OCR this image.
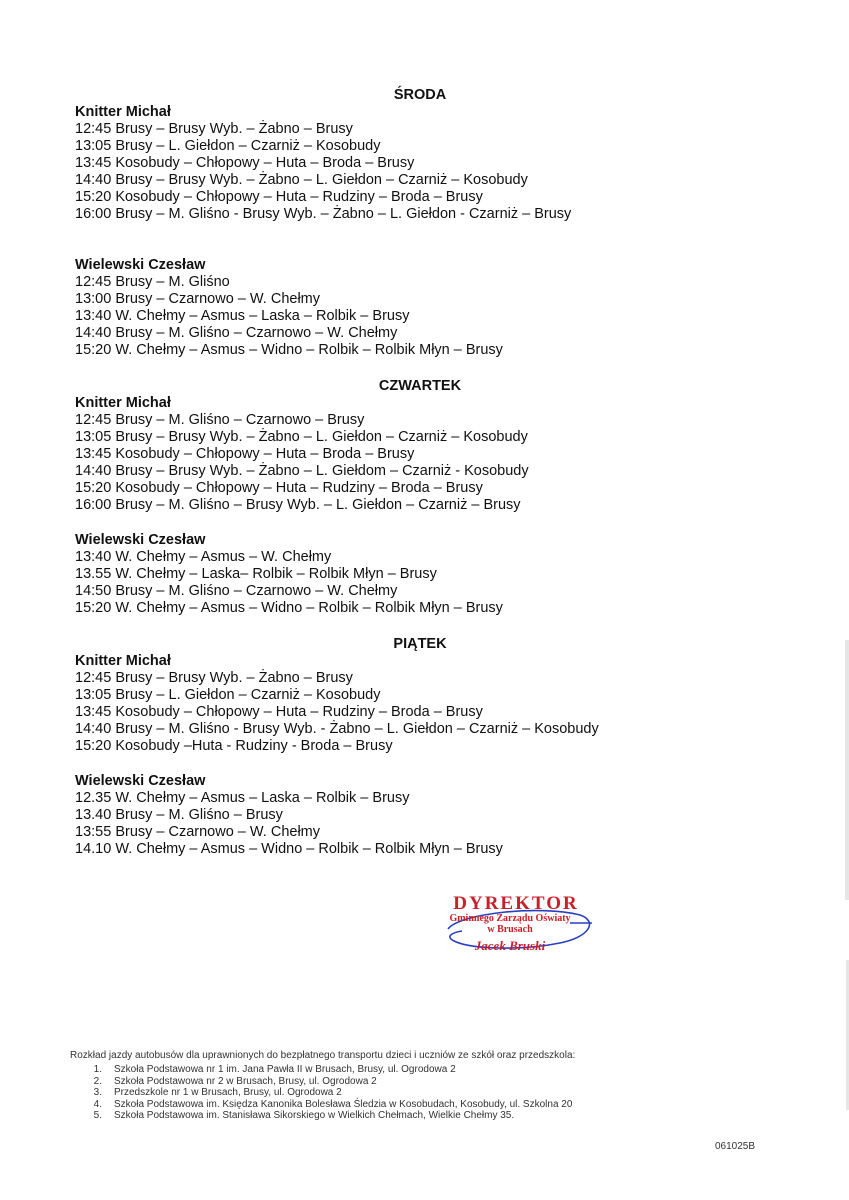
ŚRODA
Knitter Michał
12:45 Brusy – Brusy Wyb. – Żabno – Brusy
13:05 Brusy – L. Giełdon – Czarniż – Kosobudy
13:45 Kosobudy – Chłopowy – Huta – Broda – Brusy
14:40 Brusy – Brusy Wyb. – Żabno – L. Giełdon – Czarniż – Kosobudy
15:20 Kosobudy – Chłopowy – Huta – Rudziny – Broda – Brusy
16:00 Brusy – M. Gliśno - Brusy Wyb. – Żabno – L. Giełdon - Czarniż – Brusy
Wielewski Czesław
12:45 Brusy – M. Gliśno
13:00 Brusy – Czarnowo – W. Chełmy
13:40 W. Chełmy – Asmus – Laska – Rolbik – Brusy
14:40 Brusy – M. Gliśno – Czarnowo – W. Chełmy
15:20 W. Chełmy – Asmus – Widno – Rolbik – Rolbik Młyn – Brusy
CZWARTEK
Knitter Michał
12:45 Brusy – M. Gliśno – Czarnowo – Brusy
13:05 Brusy – Brusy Wyb. – Żabno – L. Giełdon – Czarniż – Kosobudy
13:45 Kosobudy – Chłopowy – Huta – Broda – Brusy
14:40 Brusy – Brusy Wyb. – Żabno – L. Giełdom – Czarniż - Kosobudy
15:20 Kosobudy – Chłopowy – Huta – Rudziny – Broda – Brusy
16:00 Brusy – M. Gliśno – Brusy Wyb. – L. Giełdon – Czarniż – Brusy
Wielewski Czesław
13:40 W. Chełmy – Asmus – W. Chełmy
13.55 W. Chełmy – Laska– Rolbik – Rolbik Młyn – Brusy
14:50 Brusy – M. Gliśno – Czarnowo – W. Chełmy
15:20 W. Chełmy – Asmus – Widno – Rolbik – Rolbik Młyn – Brusy
PIĄTEK
Knitter Michał
12:45 Brusy – Brusy Wyb. – Żabno – Brusy
13:05 Brusy – L. Giełdon – Czarniż – Kosobudy
13:45 Kosobudy – Chłopowy – Huta – Rudziny – Broda – Brusy
14:40 Brusy – M. Gliśno - Brusy Wyb. - Żabno – L. Giełdon – Czarniż – Kosobudy
15:20 Kosobudy –Huta - Rudziny - Broda – Brusy
Wielewski Czesław
12.35 W. Chełmy – Asmus – Laska – Rolbik – Brusy
13.40 Brusy – M. Gliśno – Brusy
13:55 Brusy – Czarnowo – W. Chełmy
14.10 W. Chełmy – Asmus – Widno – Rolbik – Rolbik Młyn – Brusy
DYREKTOR
Gminnego Zarządu Oświaty
w Brusach
Jacek Bruski

Rozkład jazdy autobusów dla uprawnionych do bezpłatnego transportu dzieci i uczniów ze szkół oraz przedszkola:

1.	Szkoła Podstawowa nr 1 im. Jana Pawła II w Brusach, Brusy, ul. Ogrodowa 2
2.	Szkoła Podstawowa nr 2 w Brusach, Brusy, ul. Ogrodowa 2
3.	Przedszkole nr 1 w Brusach, Brusy, ul. Ogrodowa 2
4.	Szkoła Podstawowa im. Księdza Kanonika Bolesława Śledzia w Kosobudach, Kosobudy, ul. Szkolna 20
5.	Szkoła Podstawowa im. Stanisława Sikorskiego w Wielkich Chełmach, Wielkie Chełmy 35.
061025B
